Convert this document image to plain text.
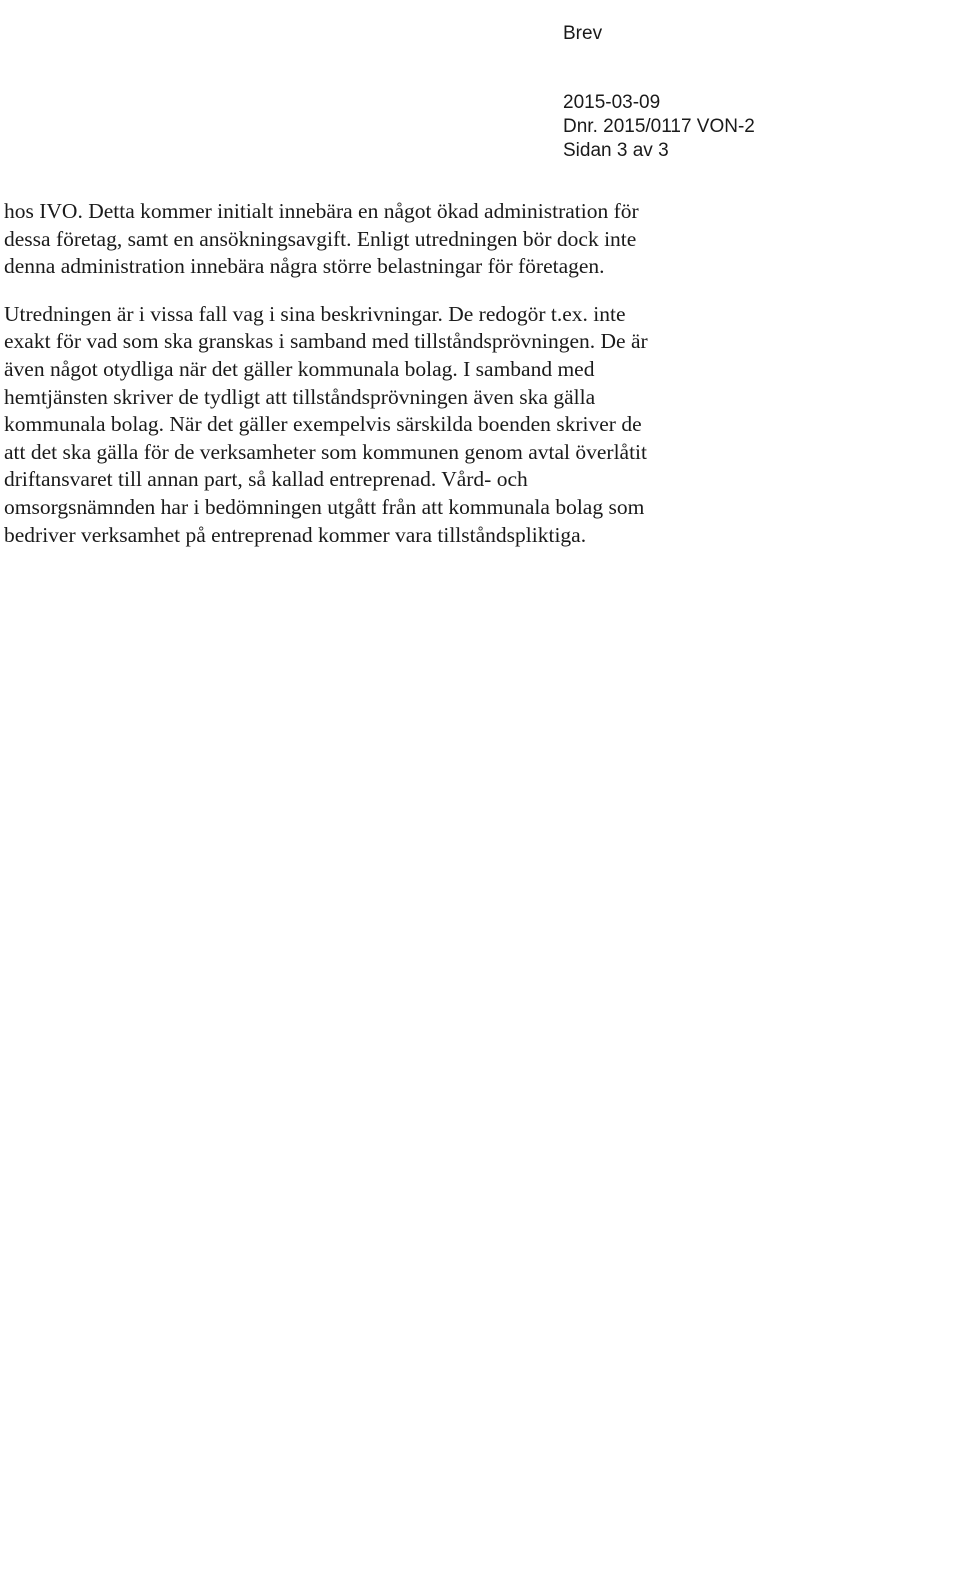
Brev
2015-03-09
Dnr. 2015/0117 VON-2
Sidan 3 av 3

hos IVO. Detta kommer initialt innebära en något ökad administration för
dessa företag, samt en ansökningsavgift. Enligt utredningen bör dock inte
denna administration innebära några större belastningar för företagen.

Utredningen är i vissa fall vag i sina beskrivningar. De redogör t.ex. inte
exakt för vad som ska granskas i samband med tillståndsprövningen. De är
även något otydliga när det gäller kommunala bolag. I samband med
hemtjänsten skriver de tydligt att tillståndsprövningen även ska gälla
kommunala bolag. När det gäller exempelvis särskilda boenden skriver de
att det ska gälla för de verksamheter som kommunen genom avtal överlåtit
driftansvaret till annan part, så kallad entreprenad. Vård- och
omsorgsnämnden har i bedömningen utgått från att kommunala bolag som
bedriver verksamhet på entreprenad kommer vara tillståndspliktiga.
